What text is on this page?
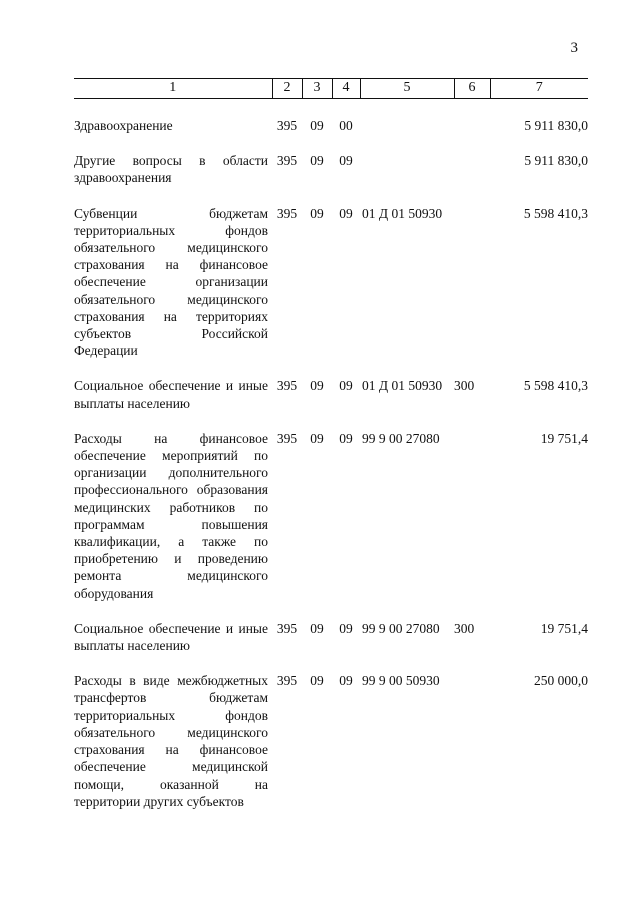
3
1	2	3	4	5	6	7

Здравоохранение	395	09	00			5 911 830,0

Другие вопросы в области здравоохранения	395	09	09			5 911 830,0

Субвенции бюджетам территориальных фондов обязательного медицинского страхования на финансовое обеспечение организации обязательного медицинского страхования на территориях субъектов Российской Федерации	395	09	09	01 Д 01 50930		5 598 410,3

Социальное обеспечение и иные выплаты населению	395	09	09	01 Д 01 50930	300	5 598 410,3

Расходы на финансовое обеспечение мероприятий по организации дополнительного профессионального образования медицинских работников по программам повышения квалификации, а также по приобретению и проведению ремонта медицинского оборудования	395	09	09	99 9 00 27080		19 751,4

Социальное обеспечение и иные выплаты населению	395	09	09	99 9 00 27080	300	19 751,4

Расходы в виде межбюджетных трансфертов бюджетам территориальных фондов обязательного медицинского страхования на финансовое обеспечение медицинской помощи, оказанной на территории других субъектов	395	09	09	99 9 00 50930		250 000,0
